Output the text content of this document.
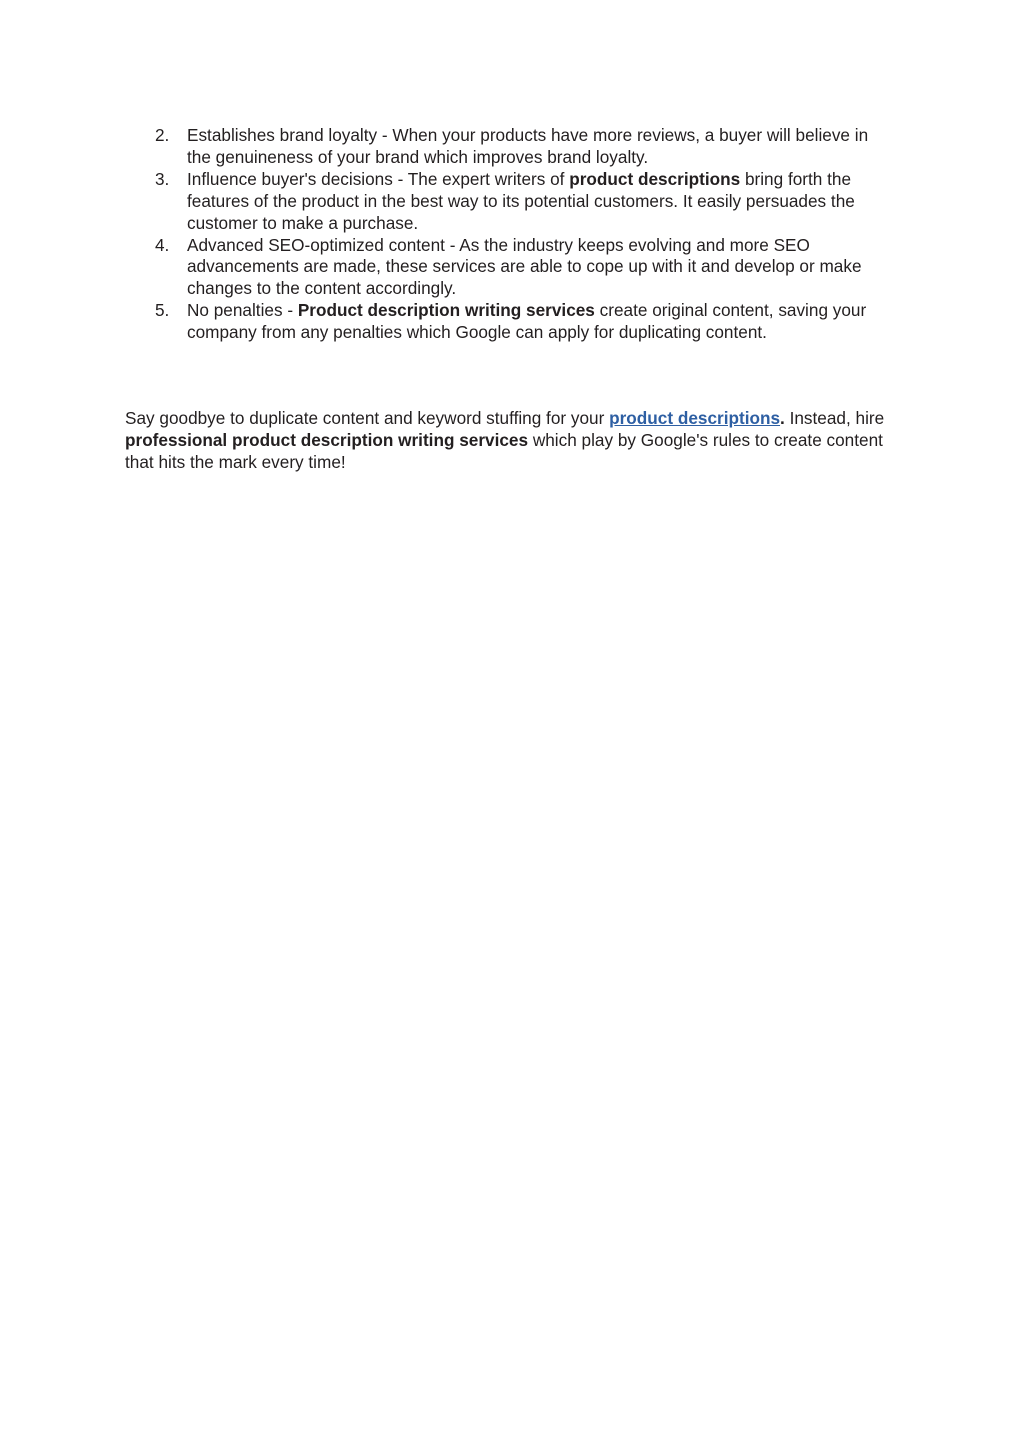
2. Establishes brand loyalty - When your products have more reviews, a buyer will believe in the genuineness of your brand which improves brand loyalty.
3. Influence buyer's decisions - The expert writers of product descriptions bring forth the features of the product in the best way to its potential customers. It easily persuades the customer to make a purchase.
4. Advanced SEO-optimized content - As the industry keeps evolving and more SEO advancements are made, these services are able to cope up with it and develop or make changes to the content accordingly.
5. No penalties - Product description writing services create original content, saving your company from any penalties which Google can apply for duplicating content.

Say goodbye to duplicate content and keyword stuffing for your product descriptions. Instead, hire professional product description writing services which play by Google's rules to create content that hits the mark every time!
